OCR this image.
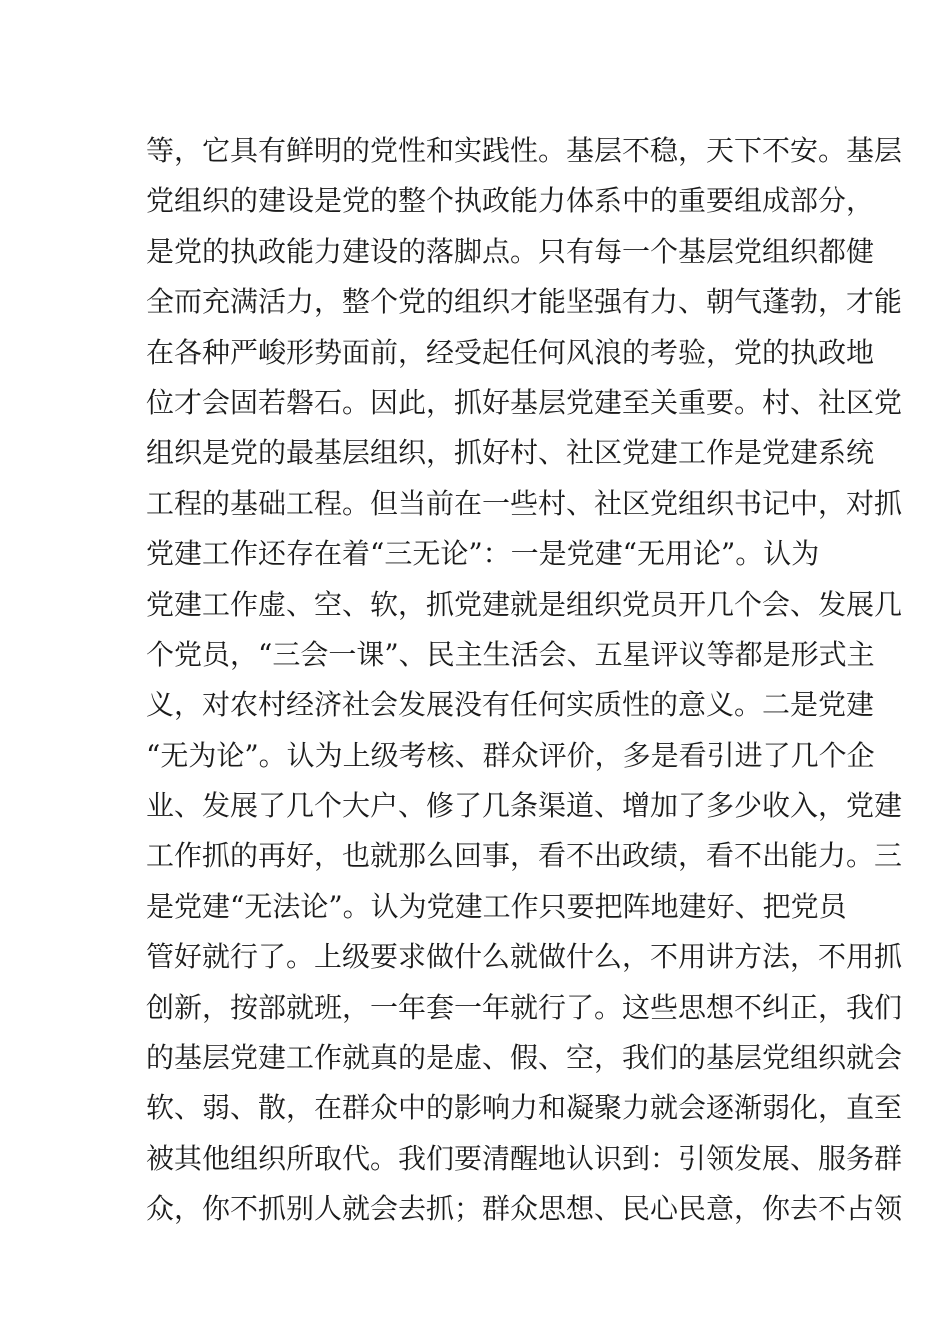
等，它具有鲜明的党性和实践性。基层不稳，天下不安。基层
党组织的建设是党的整个执政能力体系中的重要组成部分，
是党的执政能力建设的落脚点。只有每一个基层党组织都健
全而充满活力，整个党的组织才能坚强有力、朝气蓬勃，才能
在各种严峻形势面前，经受起任何风浪的考验，党的执政地
位才会固若磐石。因此，抓好基层党建至关重要。村、社区党
组织是党的最基层组织，抓好村、社区党建工作是党建系统
工程的基础工程。但当前在一些村、社区党组织书记中，对抓
党建工作还存在着“三无论”：一是党建“无用论”。认为
党建工作虚、空、软，抓党建就是组织党员开几个会、发展几
个党员，“三会一课”、民主生活会、五星评议等都是形式主
义，对农村经济社会发展没有任何实质性的意义。二是党建
“无为论”。认为上级考核、群众评价，多是看引进了几个企
业、发展了几个大户、修了几条渠道、增加了多少收入，党建
工作抓的再好，也就那么回事，看不出政绩，看不出能力。三
是党建“无法论”。认为党建工作只要把阵地建好、把党员
管好就行了。上级要求做什么就做什么，不用讲方法，不用抓
创新，按部就班，一年套一年就行了。这些思想不纠正，我们
的基层党建工作就真的是虚、假、空，我们的基层党组织就会
软、弱、散，在群众中的影响力和凝聚力就会逐渐弱化，直至
被其他组织所取代。我们要清醒地认识到：引领发展、服务群
众，你不抓别人就会去抓；群众思想、民心民意，你去不占领
